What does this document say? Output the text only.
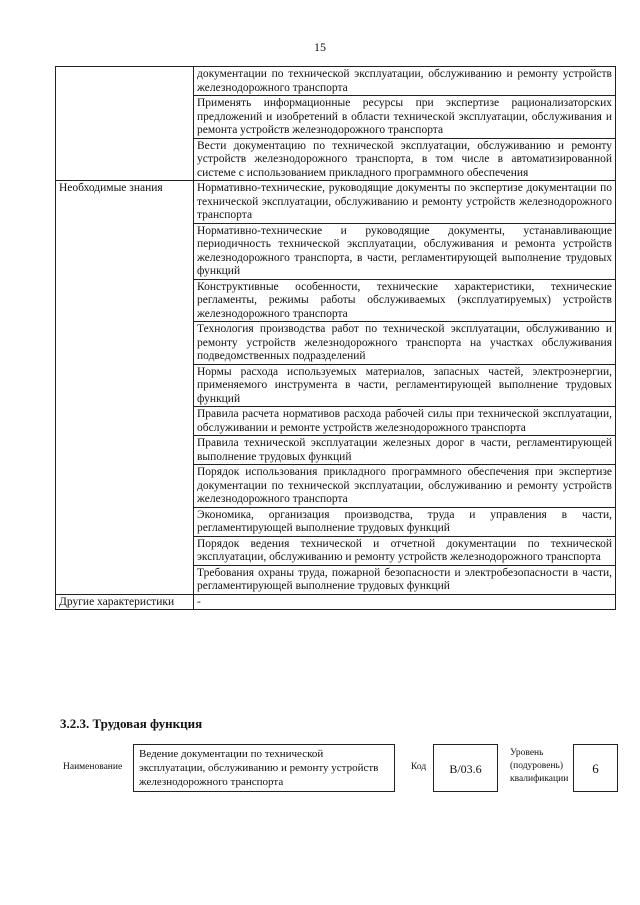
15
	документации по технической эксплуатации, обслуживанию и ремонту устройств железнодорожного транспорта
	Применять информационные ресурсы при экспертизе рационализаторских предложений и изобретений в области технической эксплуатации, обслуживания и ремонта устройств железнодорожного транспорта
	Вести документацию по технической эксплуатации, обслуживанию и ремонту устройств железнодорожного транспорта, в том числе в автоматизированной системе с использованием прикладного программного обеспечения
Необходимые знания	Нормативно-технические, руководящие документы по экспертизе документации по технической эксплуатации, обслуживанию и ремонту устройств железнодорожного транспорта
	Нормативно-технические и руководящие документы, устанавливающие периодичность технической эксплуатации, обслуживания и ремонта устройств железнодорожного транспорта, в части, регламентирующей выполнение трудовых функций
	Конструктивные особенности, технические характеристики, технические регламенты, режимы работы обслуживаемых (эксплуатируемых) устройств железнодорожного транспорта
	Технология производства работ по технической эксплуатации, обслуживанию и ремонту устройств железнодорожного транспорта на участках обслуживания подведомственных подразделений
	Нормы расхода используемых материалов, запасных частей, электроэнергии, применяемого инструмента в части, регламентирующей выполнение трудовых функций
	Правила расчета нормативов расхода рабочей силы при технической эксплуатации, обслуживании и ремонте устройств железнодорожного транспорта
	Правила технической эксплуатации железных дорог в части, регламентирующей выполнение трудовых функций
	Порядок использования прикладного программного обеспечения при экспертизе документации по технической эксплуатации, обслуживанию и ремонту устройств железнодорожного транспорта
	Экономика, организация производства, труда и управления в части, регламентирующей выполнение трудовых функций
	Порядок ведения технической и отчетной документации по технической эксплуатации, обслуживанию и ремонту устройств железнодорожного транспорта
	Требования охраны труда, пожарной безопасности и электробезопасности в части, регламентирующей выполнение трудовых функций
Другие характеристики	-
3.2.3. Трудовая функция
Наименование
Ведение документации по технической эксплуатации, обслуживанию и ремонту устройств железнодорожного транспорта
Код	B/03.6
Уровень (подуровень) квалификации
6
